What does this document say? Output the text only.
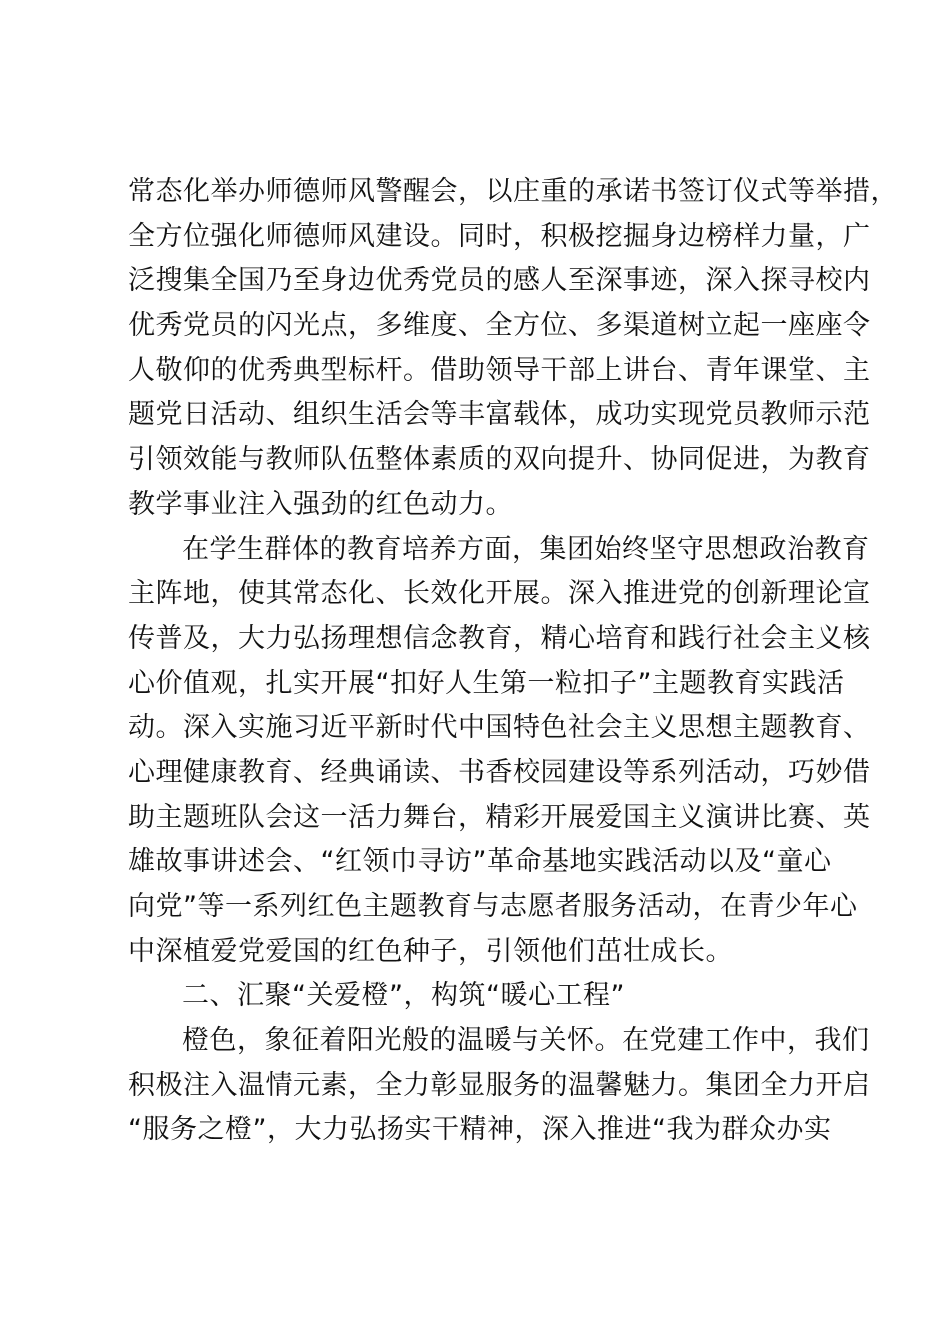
常态化举办师德师风警醒会，以庄重的承诺书签订仪式等举措，
全方位强化师德师风建设。同时，积极挖掘身边榜样力量，广
泛搜集全国乃至身边优秀党员的感人至深事迹，深入探寻校内
优秀党员的闪光点，多维度、全方位、多渠道树立起一座座令
人敬仰的优秀典型标杆。借助领导干部上讲台、青年课堂、主
题党日活动、组织生活会等丰富载体，成功实现党员教师示范
引领效能与教师队伍整体素质的双向提升、协同促进，为教育
教学事业注入强劲的红色动力。
在学生群体的教育培养方面，集团始终坚守思想政治教育
主阵地，使其常态化、长效化开展。深入推进党的创新理论宣
传普及，大力弘扬理想信念教育，精心培育和践行社会主义核
心价值观，扎实开展“扣好人生第一粒扣子”主题教育实践活
动。深入实施习近平新时代中国特色社会主义思想主题教育、
心理健康教育、经典诵读、书香校园建设等系列活动，巧妙借
助主题班队会这一活力舞台，精彩开展爱国主义演讲比赛、英
雄故事讲述会、“红领巾寻访”革命基地实践活动以及“童心
向党”等一系列红色主题教育与志愿者服务活动，在青少年心
中深植爱党爱国的红色种子，引领他们茁壮成长。
二、汇聚“关爱橙”，构筑“暖心工程”
橙色，象征着阳光般的温暖与关怀。在党建工作中，我们
积极注入温情元素，全力彰显服务的温馨魅力。集团全力开启
“服务之橙”，大力弘扬实干精神，深入推进“我为群众办实
